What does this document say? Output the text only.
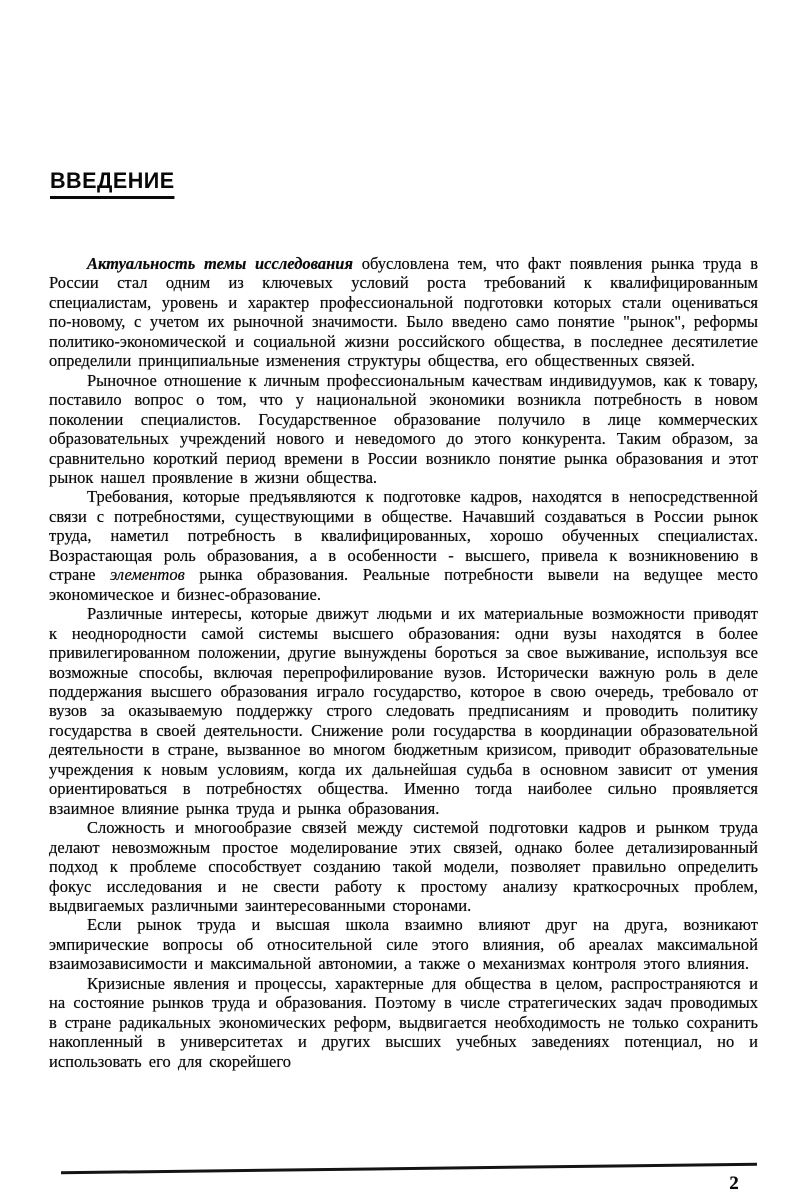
ВВЕДЕНИЕ

Актуальность темы исследования обусловлена тем, что факт появления рынка труда в России стал одним из ключевых условий роста требований к квалифицированным специалистам, уровень и характер профессиональной подготовки которых стали оцениваться по-новому, с учетом их рыночной значимости. Было введено само понятие "рынок", реформы политико-экономической и социальной жизни российского общества, в последнее десятилетие определили принципиальные изменения структуры общества, его общественных связей.

Рыночное отношение к личным профессиональным качествам индивидуумов, как к товару, поставило вопрос о том, что у национальной экономики возникла потребность в новом поколении специалистов. Государственное образование получило в лице коммерческих образовательных учреждений нового и неведомого до этого конкурента. Таким образом, за сравнительно короткий период времени в России возникло понятие рынка образования и этот рынок нашел проявление в жизни общества.

Требования, которые предъявляются к подготовке кадров, находятся в непосредственной связи с потребностями, существующими в обществе. Начавший создаваться в России рынок труда, наметил потребность в квалифицированных, хорошо обученных специалистах. Возрастающая роль образования, а в особенности - высшего, привела к возникновению в стране элементов рынка образования. Реальные потребности вывели на ведущее место экономическое и бизнес-образование.

Различные интересы, которые движут людьми и их материальные возможности приводят к неоднородности самой системы высшего образования: одни вузы находятся в более привилегированном положении, другие вынуждены бороться за свое выживание, используя все возможные способы, включая перепрофилирование вузов. Исторически важную роль в деле поддержания высшего образования играло государство, которое в свою очередь, требовало от вузов за оказываемую поддержку строго следовать предписаниям и проводить политику государства в своей деятельности. Снижение роли государства в координации образовательной деятельности в стране, вызванное во многом бюджетным кризисом, приводит образовательные учреждения к новым условиям, когда их дальнейшая судьба в основном зависит от умения ориентироваться в потребностях общества. Именно тогда наиболее сильно проявляется взаимное влияние рынка труда и рынка образования.

Сложность и многообразие связей между системой подготовки кадров и рынком труда делают невозможным простое моделирование этих связей, однако более детализированный подход к проблеме способствует созданию такой модели, позволяет правильно определить фокус исследования и не свести работу к простому анализу краткосрочных проблем, выдвигаемых различными заинтересованными сторонами.

Если рынок труда и высшая школа взаимно влияют друг на друга, возникают эмпирические вопросы об относительной силе этого влияния, об ареалах максимальной взаимозависимости и максимальной автономии, а также о механизмах контроля этого влияния.

Кризисные явления и процессы, характерные для общества в целом, распространяются и на состояние рынков труда и образования. Поэтому в числе стратегических задач проводимых в стране радикальных экономических реформ, выдвигается необходимость не только сохранить накопленный в университетах и других высших учебных заведениях потенциал, но и использовать его для скорейшего

2
